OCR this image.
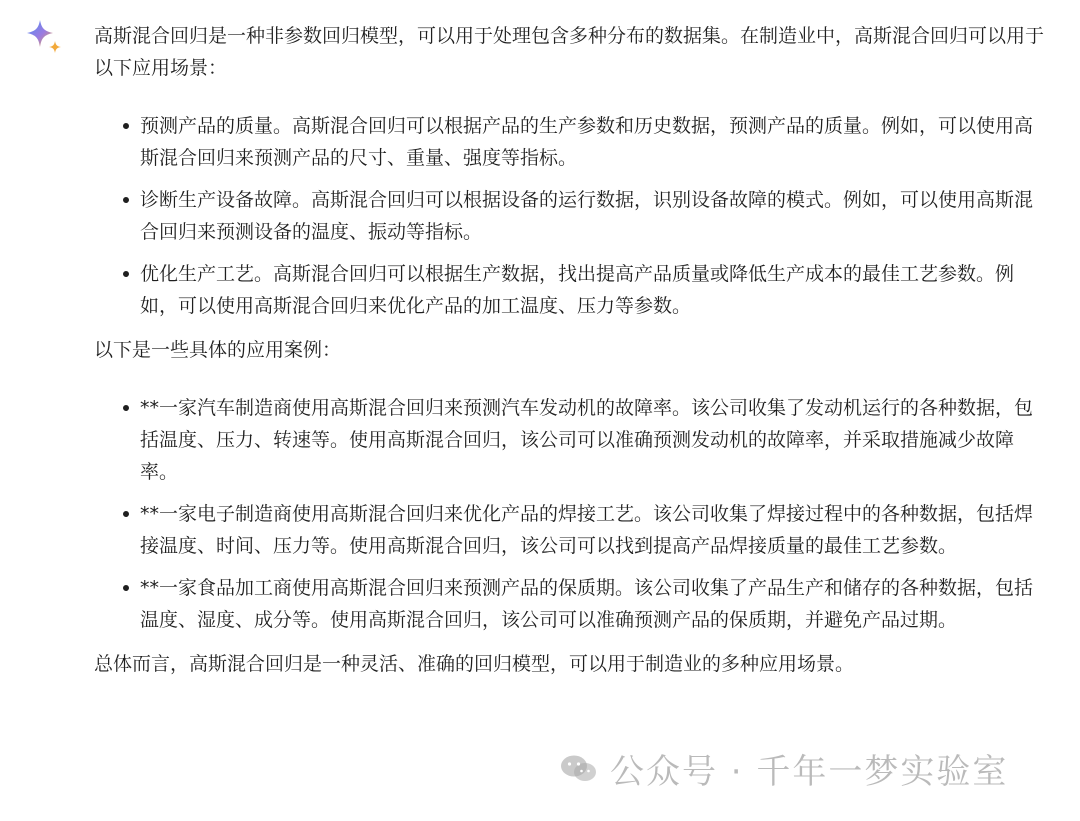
高斯混合回归是一种非参数回归模型，可以用于处理包含多种分布的数据集。在制造业中，高斯混合回归可以用于以下应用场景：

预测产品的质量。高斯混合回归可以根据产品的生产参数和历史数据，预测产品的质量。例如，可以使用高斯混合回归来预测产品的尺寸、重量、强度等指标。
诊断生产设备故障。高斯混合回归可以根据设备的运行数据，识别设备故障的模式。例如，可以使用高斯混合回归来预测设备的温度、振动等指标。
优化生产工艺。高斯混合回归可以根据生产数据，找出提高产品质量或降低生产成本的最佳工艺参数。例如，可以使用高斯混合回归来优化产品的加工温度、压力等参数。

以下是一些具体的应用案例：

**一家汽车制造商使用高斯混合回归来预测汽车发动机的故障率。该公司收集了发动机运行的各种数据，包括温度、压力、转速等。使用高斯混合回归，该公司可以准确预测发动机的故障率，并采取措施减少故障率。
**一家电子制造商使用高斯混合回归来优化产品的焊接工艺。该公司收集了焊接过程中的各种数据，包括焊接温度、时间、压力等。使用高斯混合回归，该公司可以找到提高产品焊接质量的最佳工艺参数。
**一家食品加工商使用高斯混合回归来预测产品的保质期。该公司收集了产品生产和储存的各种数据，包括温度、湿度、成分等。使用高斯混合回归，该公司可以准确预测产品的保质期，并避免产品过期。

总体而言，高斯混合回归是一种灵活、准确的回归模型，可以用于制造业的多种应用场景。

公众号 · 千年一梦实验室
